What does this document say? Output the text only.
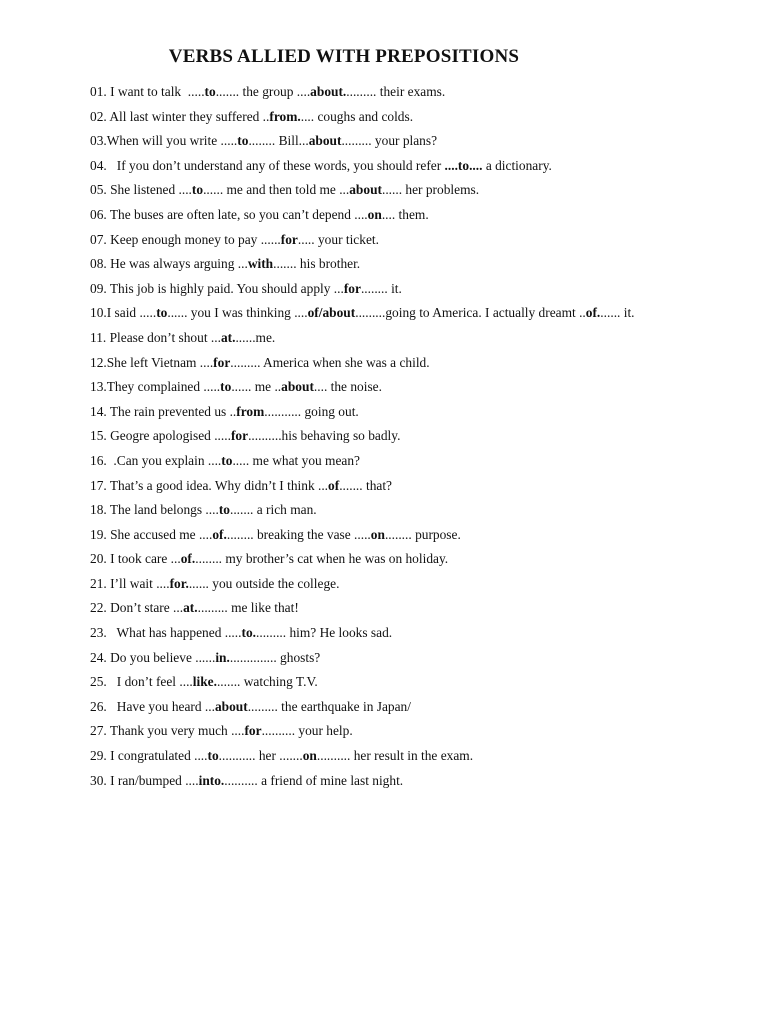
VERBS ALLIED WITH PREPOSITIONS
01. I want to talk  .....to....... the group ....about.......... their exams.
02. All last winter they suffered ..from..... coughs and colds.
03.When will you write .....to........ Bill...about......... your plans?
04.   If you don’t understand any of these words, you should refer ....to.... a dictionary.
05. She listened ....to...... me and then told me ...about...... her problems.
06. The buses are often late, so you can’t depend ....on.... them.
07. Keep enough money to pay ......for..... your ticket.
08. He was always arguing ...with....... his brother.
09. This job is highly paid. You should apply ...for........ it.
10.I said .....to...... you I was thinking ....of/about.........going to America. I actually dreamt ..of....... it.
11. Please don’t shout ...at.......me.
12.She left Vietnam ....for......... America when she was a child.
13.They complained .....to...... me ..about.... the noise.
14. The rain prevented us ..from........... going out.
15. Geogre apologised .....for..........his behaving so badly.
16.  .Can you explain ....to..... me what you mean?
17. That’s a good idea. Why didn’t I think ...of....... that?
18. The land belongs ....to....... a rich man.
19. She accused me ....of......... breaking the vase .....on........ purpose.
20. I took care ...of......... my brother’s cat when he was on holiday.
21. I’ll wait ....for....... you outside the college.
22. Don’t stare ...at.......... me like that!
23.   What has happened .....to.......... him? He looks sad.
24. Do you believe ......in............... ghosts?
25.   I don’t feel ....like........ watching T.V.
26.   Have you heard ...about......... the earthquake in Japan/
27. Thank you very much ....for.......... your help.
29. I congratulated ....to........... her .......on.......... her result in the exam.
30. I ran/bumped ....into........... a friend of mine last night.
